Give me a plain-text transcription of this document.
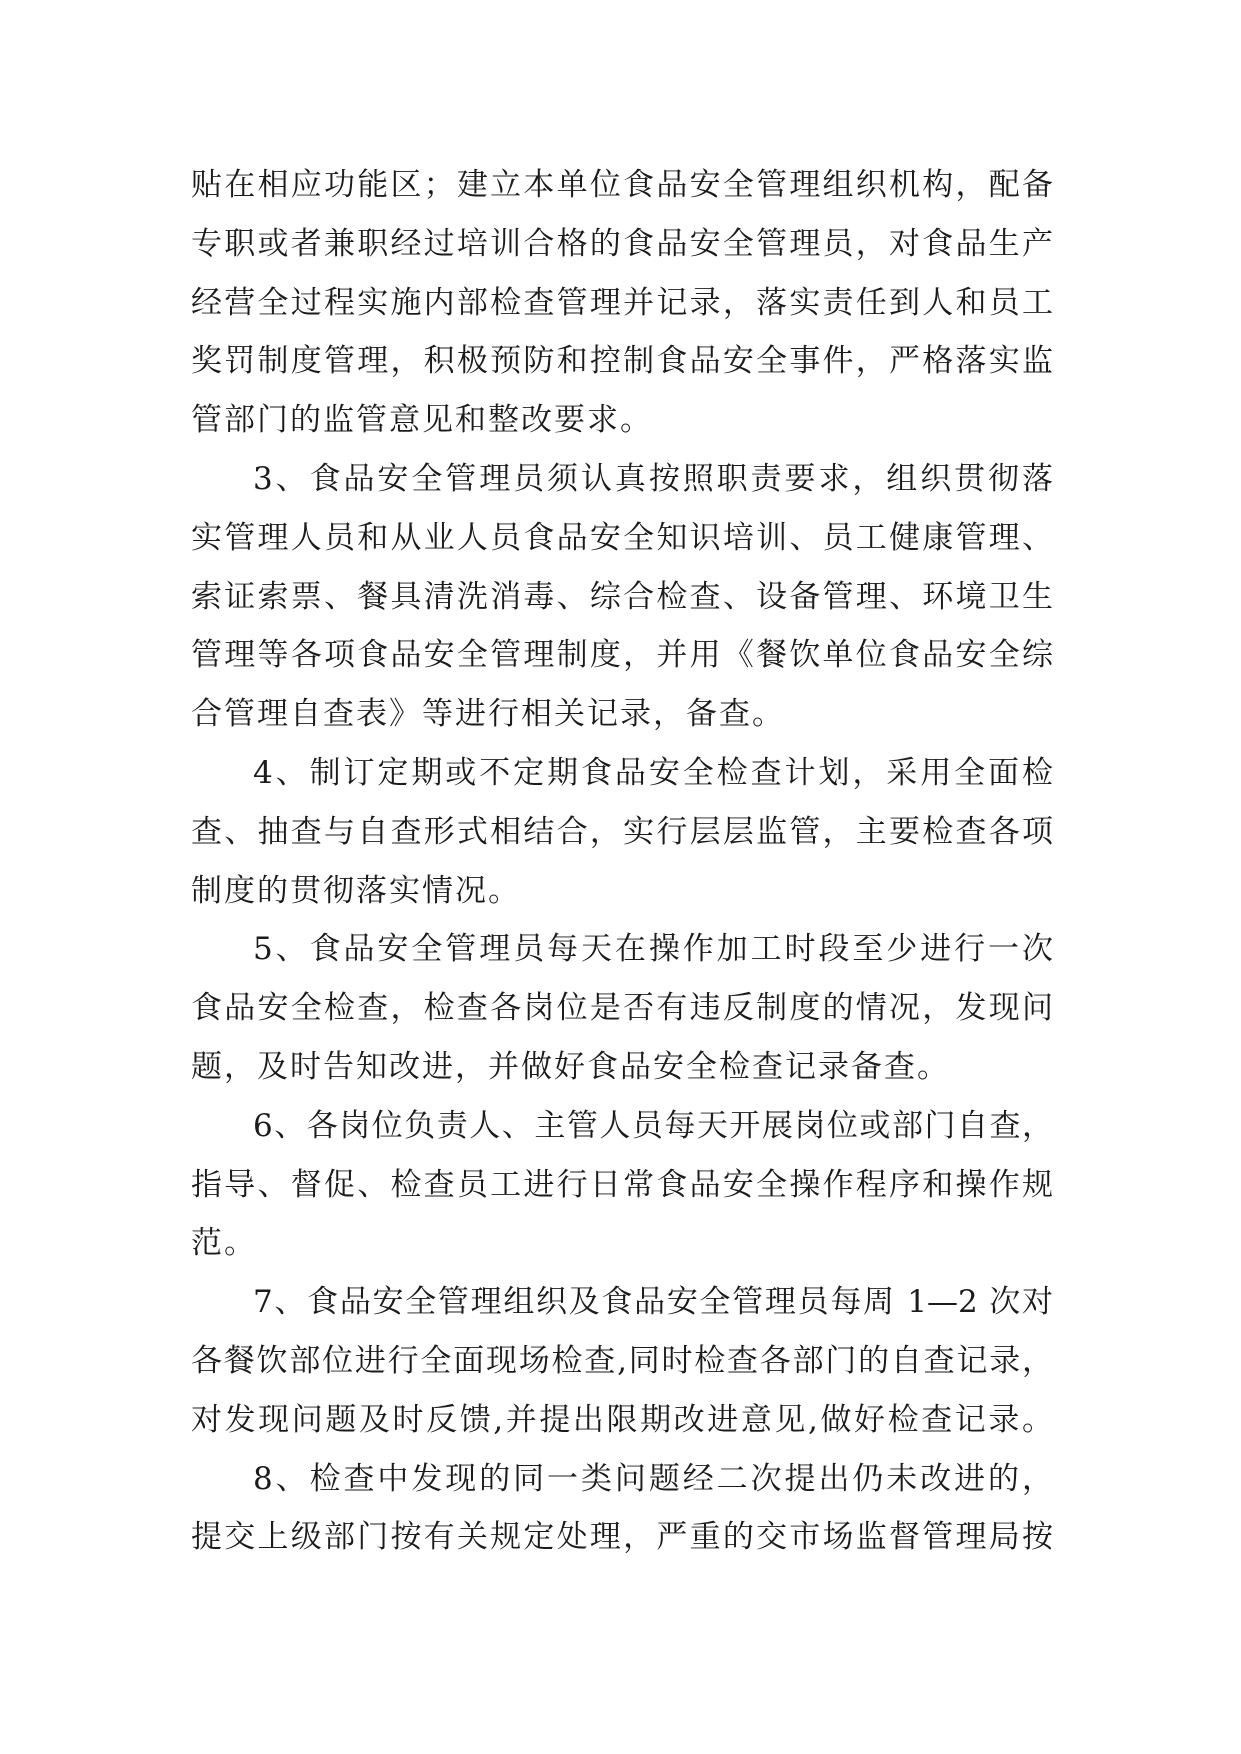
贴在相应功能区；建立本单位食品安全管理组织机构，配备
专职或者兼职经过培训合格的食品安全管理员，对食品生产
经营全过程实施内部检查管理并记录，落实责任到人和员工
奖罚制度管理，积极预防和控制食品安全事件，严格落实监
管部门的监管意见和整改要求。
3、食品安全管理员须认真按照职责要求，组织贯彻落
实管理人员和从业人员食品安全知识培训、员工健康管理、
索证索票、餐具清洗消毒、综合检查、设备管理、环境卫生
管理等各项食品安全管理制度，并用《餐饮单位食品安全综
合管理自查表》等进行相关记录，备查。
4、制订定期或不定期食品安全检查计划，采用全面检
查、抽查与自查形式相结合，实行层层监管，主要检查各项
制度的贯彻落实情况。
5、食品安全管理员每天在操作加工时段至少进行一次
食品安全检查，检查各岗位是否有违反制度的情况，发现问
题，及时告知改进，并做好食品安全检查记录备查。
6、各岗位负责人、主管人员每天开展岗位或部门自查，
指导、督促、检查员工进行日常食品安全操作程序和操作规
范。
7、食品安全管理组织及食品安全管理员每周 1—2 次对
各餐饮部位进行全面现场检查,同时检查各部门的自查记录，
对发现问题及时反馈,并提出限期改进意见,做好检查记录。
8、检查中发现的同一类问题经二次提出仍未改进的，
提交上级部门按有关规定处理，严重的交市场监督管理局按
